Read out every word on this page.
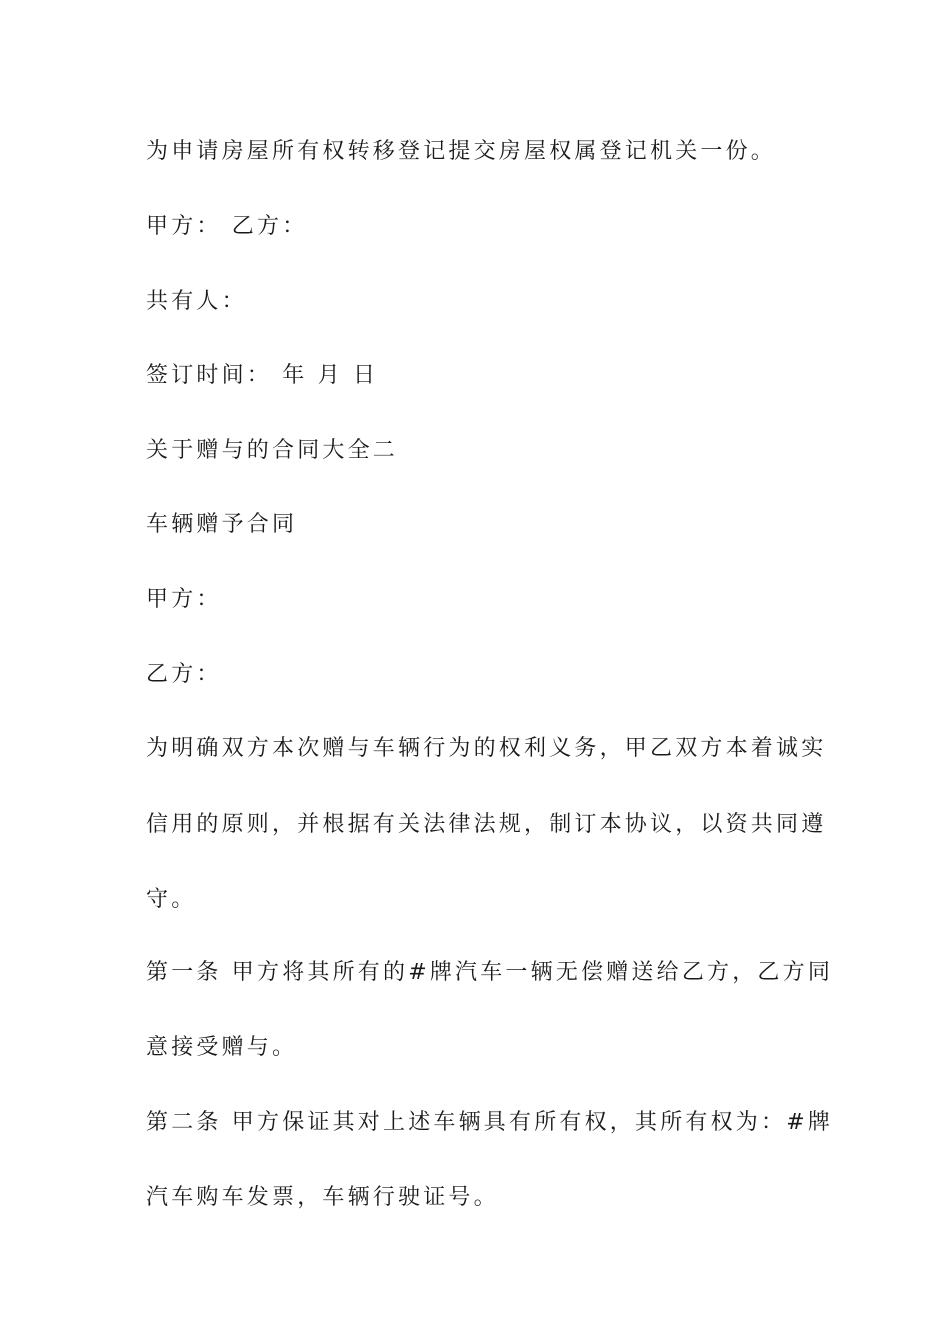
为申请房屋所有权转移登记提交房屋权属登记机关一份。

甲方： 乙方：

共有人：

签订时间： 年 月 日

关于赠与的合同大全二

车辆赠予合同

甲方：

乙方：

为明确双方本次赠与车辆行为的权利义务，甲乙双方本着诚实

信用的原则，并根据有关法律法规，制订本协议，以资共同遵

守。

第一条 甲方将其所有的#牌汽车一辆无偿赠送给乙方，乙方同

意接受赠与。

第二条 甲方保证其对上述车辆具有所有权，其所有权为：#牌

汽车购车发票，车辆行驶证号。
